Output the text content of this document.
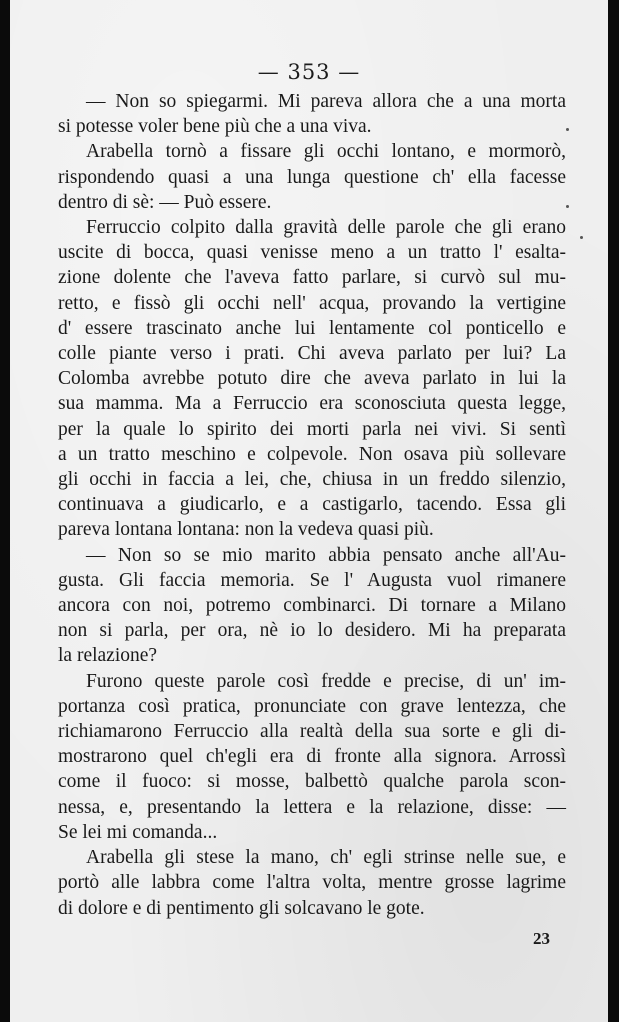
— 353 —
— Non so spiegarmi. Mi pareva allora che a una morta
si potesse voler bene più che a una viva.
Arabella tornò a fissare gli occhi lontano, e mormorò,
rispondendo quasi a una lunga questione ch' ella facesse
dentro di sè: — Può essere.
Ferruccio colpito dalla gravità delle parole che gli erano
uscite di bocca, quasi venisse meno a un tratto l' esalta-
zione dolente che l'aveva fatto parlare, si curvò sul mu-
retto, e fissò gli occhi nell' acqua, provando la vertigine
d' essere trascinato anche lui lentamente col ponticello e
colle piante verso i prati. Chi aveva parlato per lui? La
Colomba avrebbe potuto dire che aveva parlato in lui la
sua mamma. Ma a Ferruccio era sconosciuta questa legge,
per la quale lo spirito dei morti parla nei vivi. Si sentì
a un tratto meschino e colpevole. Non osava più sollevare
gli occhi in faccia a lei, che, chiusa in un freddo silenzio,
continuava a giudicarlo, e a castigarlo, tacendo. Essa gli
pareva lontana lontana: non la vedeva quasi più.
— Non so se mio marito abbia pensato anche all'Au-
gusta. Gli faccia memoria. Se l' Augusta vuol rimanere
ancora con noi, potremo combinarci. Di tornare a Milano
non si parla, per ora, nè io lo desidero. Mi ha preparata
la relazione?
Furono queste parole così fredde e precise, di un' im-
portanza così pratica, pronunciate con grave lentezza, che
richiamarono Ferruccio alla realtà della sua sorte e gli di-
mostrarono quel ch'egli era di fronte alla signora. Arrossì
come il fuoco: si mosse, balbettò qualche parola scon-
nessa, e, presentando la lettera e la relazione, disse: —
Se lei mi comanda...
Arabella gli stese la mano, ch' egli strinse nelle sue, e
portò alle labbra come l'altra volta, mentre grosse lagrime
di dolore e di pentimento gli solcavano le gote.
23
